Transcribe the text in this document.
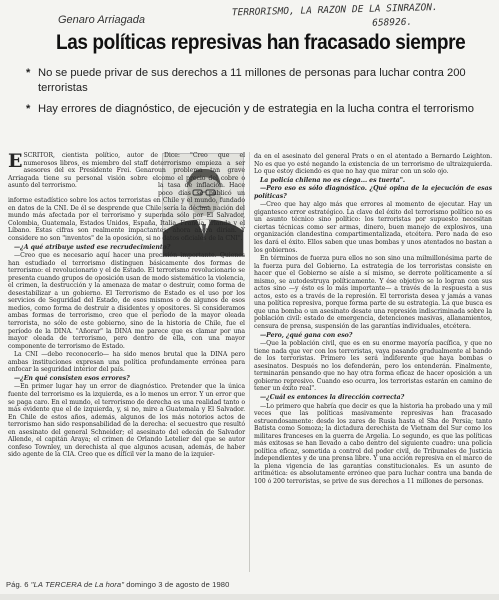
TERRORISMO, LA RAZON DE LA SINRAZON.
658926.
Genaro Arriagada
Las políticas represivas han fracasado siempre
* No se puede privar de sus derechos a 11 millones de personas para luchar contra 200 terroristas
* Hay errores de diagnóstico, de ejecución y de estrategia en la lucha contra el terrorismo

E SCRITOR, cientista político, autor de numerosos libros, es miembro del staff de asesores del ex Presidente Frei. Genaro Arriagada tiene su personal visión sobre el asunto del terrorismo.

Dice: "Creo que el terrorismo empieza a ser un problema tan grave como el precio del cobre o la tasa de inflación. Hace poco días se publicó un informe estadístico sobre los actos terroristas en Chile y el mundo, fundado en datos de la CNI. De él se desprende que Chile sería la décima nación del mundo más afectada por el terrorismo y superada sólo por El Salvador, Colombia, Guatemala, Estados Unidos, España, Italia, Francia, Irlanda y el Líbano. Estas cifras son realmente impactantes, ahora ahora dirían. Y considere no son "inventos" de la oposición, si no datos oficiales de la CNI".

—¿A qué atribuye usted ese recrudecimiento?

—Creo que es necesario aquí hacer una precisión importante. Quienes han estudiado el terrorismo distinguen básicamente dos formas de terrorismo: el revolucionario y el de Estado. El terrorismo revolucionario se presenta cuando grupos de oposición usan de modo sistemático la violencia, el crimen, la destrucción y la amenaza de matar o destruir, como forma de desestabilizar a un gobierno. El Terrorismo de Estado es el uso por los servicios de Seguridad del Estado, de esos mismos o de algunos de esos medios, como forma de destruir a disidentes y opositores. Si consideramos ambas formas de terrorismo, creo que el período de la mayor oleada terrorista, no sólo de este gobierno, sino de la historia de Chile, fue el período de la DINA. "Añorar" la DINA me parece que es clamar por una mayor oleada de terrorismo, pero dentro de ella, con una mayor componente de terrorismo de Estado.

La CNI —debo reconocerlo— ha sido menos brutal que la DINA pero ambas instituciones expresan una política profundamente errónea para enfocar la seguridad interior del país.

—¿En qué consisten esos errores?

—En primer lugar hay un error de diagnóstico. Pretender que la única fuente del terrorismo es la izquierda, es a lo menos un error. Y un error que se paga caro. En el mundo, el terrorismo de derecha es una realidad tanto o más evidente que el de izquierda, y, si no, mire a Guatemala y El Salvador. En Chile de estos años, además, algunos de los más notorios actos de terrorismo han sido responsabilidad de la derecha: el secuestro que resultó en asesinato del general Schneider; el asesinato del edecán de Salvador Allende, el capitán Araya; el crimen de Orlando Letelier del que se autor confeso Townley, un derechista al que algunos acusan, además, de haber sido agente de la CIA. Creo que es difícil ver la mano de la izquier-

da en el asesinato del general Prats o en el atentado a Bernardo Leighton. No es que yo esté negando la existencia de un terrorismo de ultraizquierda. Lo que estoy diciendo es que no hay que mirar con un solo ojo.

La policía chilena no es ciega... es tuerta".

—Pero eso es sólo diagnóstico. ¿Qué opina de la ejecución de esas políticas?

—Creo que hay algo más que errores al momento de ejecutar. Hay un gigantesco error estratégico. La clave del éxito del terrorismo político no es un asunto técnico sino político: los terroristas por supuesto necesitan ciertas técnicas como ser armas, dinero, buen manejo de explosivos, una organización clandestina compartimentalizada, etcétera. Pero nada de eso les dará el éxito. Ellos saben que unas bombas y unos atentados no bastan a los gobiernos.

En términos de fuerza pura ellos no son sino una milmillonésima parte de la fuerza pura del Gobierno. La estrategia de los terroristas consiste en hacer que el Gobierno se aísle a sí mismo, se derrote políticamente a sí mismo, se autodestruya políticamente. Y ése objetivo se lo logran con sus actos sino —y ésto es lo más importante— a través de la respuesta a sus actos, esto es a través de la represión. El terrorista desea y jamás a vanas una política represiva, porque forma parte de su estrategia. La que busca es que una bomba o un asesinato desate una represión indiscriminada sobre la población civil: estado de emergencia, detenciones masivas, allanamientos, censura de prensa, suspensión de las garantías individuales, etcétera.

—Pero, ¿qué gana con eso?

—Que la población civil, que es en su enorme mayoría pacífica, y que no tiene nada que ver con los terroristas, vaya pasando gradualmente al bando de los terroristas. Primero les será indiferente que haya bombas o asesinatos. Después no los defenderán, pero los entenderán. Finalmente, terminarán pensando que no hay otra forma eficaz de hacer oposición a un gobierno represivo. Cuando eso ocurra, los terroristas estarán en camino de tener un éxito real".

—¿Cuál es entonces la dirección correcta?

—Lo primero que habría que decir es que la historia ha probado una y mil veces que las políticas masivamente represivas han fracasado estruendosamente: desde los zares de Rusia hasta el Sha de Persia; tanto Batista como Somoza; la dictadura derechista de Vietnam del Sur como los militares franceses en la guerra de Argelia. Lo segundo, es que las políticas más exitosas se han llevado a cabo dentro del siguiente cuadro: una policía política eficaz, sometida a control del poder civil, de Tribunales de Justicia independientes y de una prensa libre. Y una acción represiva en el marco de la plena vigencia de las garantías constitucionales. Es un asunto de aritmética: es absolutamente erróneo que para luchar contra una banda de 100 ó 200 terroristas, se prive de sus derechos a 11 millones de personas.

Pág. 6 "LA TERCERA de La hora" domingo 3 de agosto de 1980
